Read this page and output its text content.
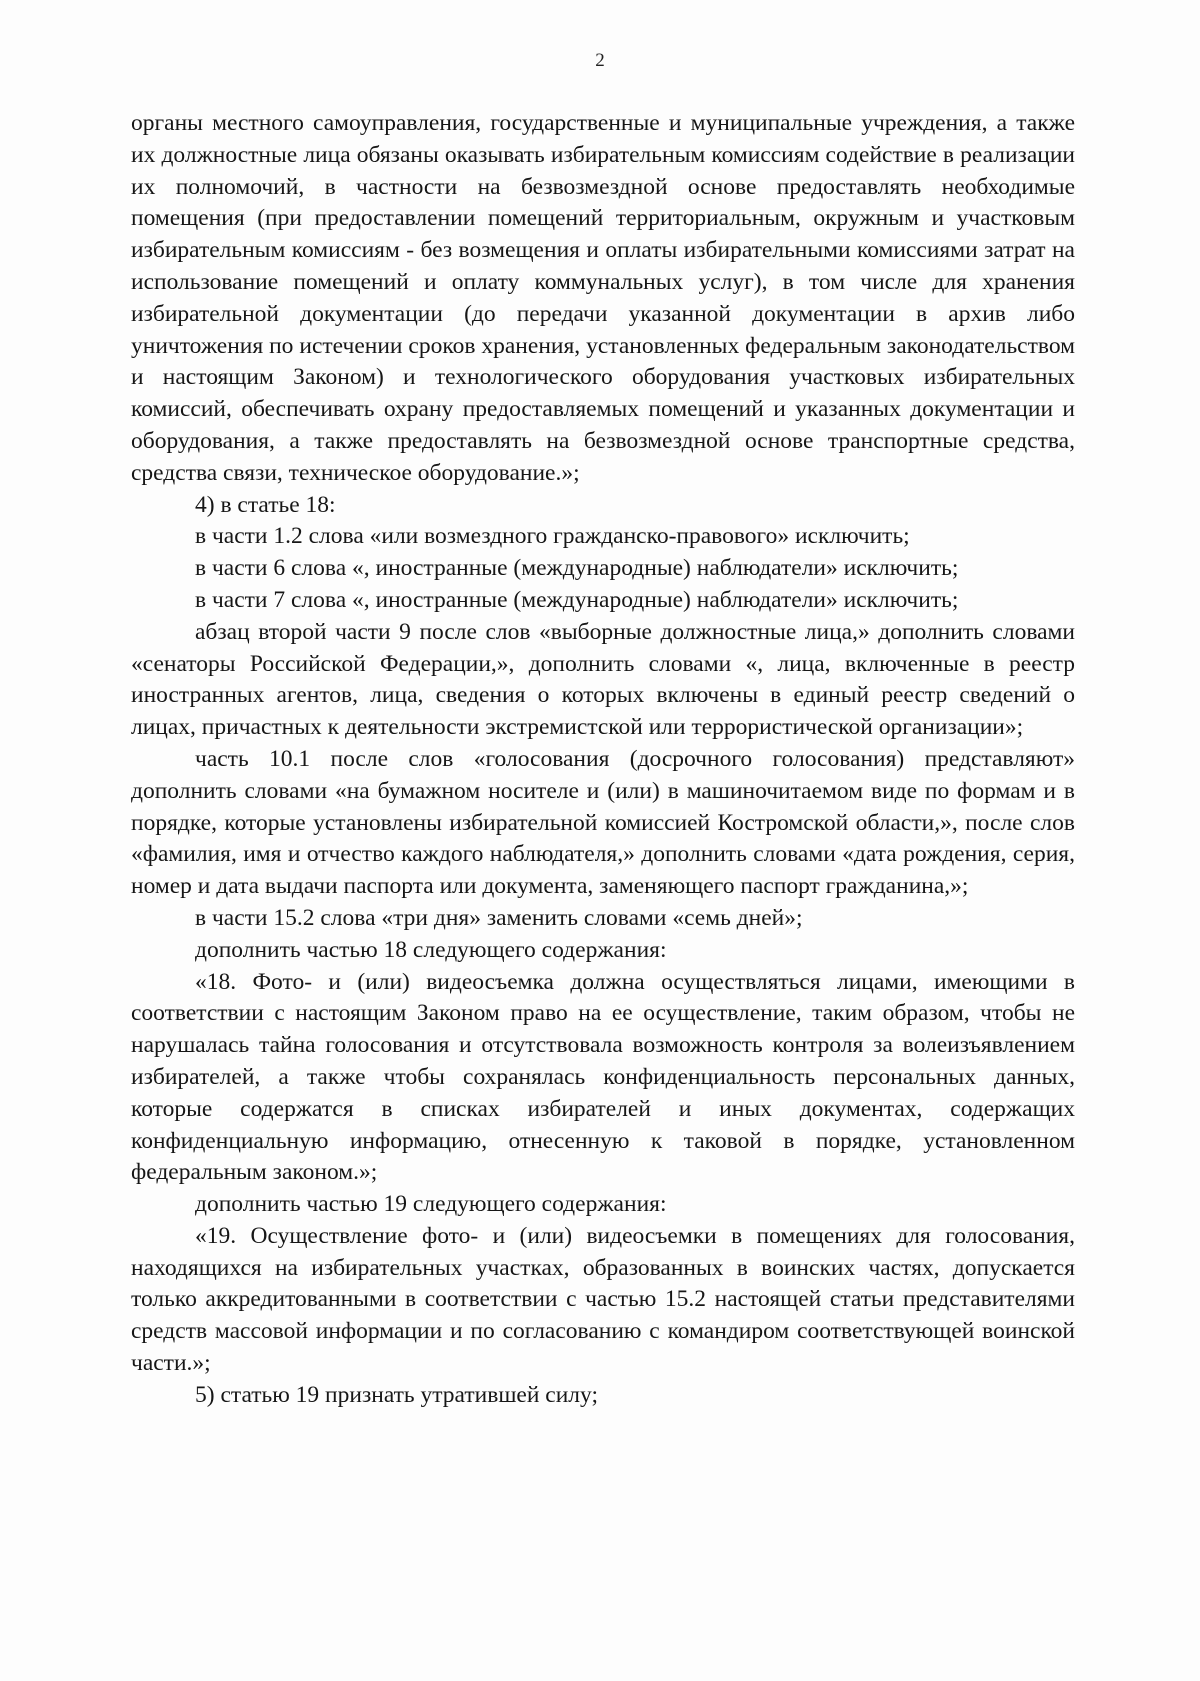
2

органы местного самоуправления, государственные и муниципальные учреждения, а также их должностные лица обязаны оказывать избирательным комиссиям содействие в реализации их полномочий, в частности на безвозмездной основе предоставлять необходимые помещения (при предоставлении помещений территориальным, окружным и участковым избирательным комиссиям - без возмещения и оплаты избирательными комиссиями затрат на использование помещений и оплату коммунальных услуг), в том числе для хранения избирательной документации (до передачи указанной документации в архив либо уничтожения по истечении сроков хранения, установленных федеральным законодательством и настоящим Законом) и технологического оборудования участковых избирательных комиссий, обеспечивать охрану предоставляемых помещений и указанных документации и оборудования, а также предоставлять на безвозмездной основе транспортные средства, средства связи, техническое оборудование.»;

4) в статье 18:

в части 1.2 слова «или возмездного гражданско-правового» исключить;

в части 6 слова «, иностранные (международные) наблюдатели» исключить;

в части 7 слова «, иностранные (международные) наблюдатели» исключить;

абзац второй части 9 после слов «выборные должностные лица,» дополнить словами «сенаторы Российской Федерации,», дополнить словами «, лица, включенные в реестр иностранных агентов, лица, сведения о которых включены в единый реестр сведений о лицах, причастных к деятельности экстремистской или террористической организации»;

часть 10.1 после слов «голосования (досрочного голосования) представляют» дополнить словами «на бумажном носителе и (или) в машиночитаемом виде по формам и в порядке, которые установлены избирательной комиссией Костромской области,», после слов «фамилия, имя и отчество каждого наблюдателя,» дополнить словами «дата рождения, серия, номер и дата выдачи паспорта или документа, заменяющего паспорт гражданина,»;

в части 15.2 слова «три дня» заменить словами «семь дней»;

дополнить частью 18 следующего содержания:

«18. Фото- и (или) видеосъемка должна осуществляться лицами, имеющими в соответствии с настоящим Законом право на ее осуществление, таким образом, чтобы не нарушалась тайна голосования и отсутствовала возможность контроля за волеизъявлением избирателей, а также чтобы сохранялась конфиденциальность персональных данных, которые содержатся в списках избирателей и иных документах, содержащих конфиденциальную информацию, отнесенную к таковой в порядке, установленном федеральным законом.»;

дополнить частью 19 следующего содержания:

«19. Осуществление фото- и (или) видеосъемки в помещениях для голосования, находящихся на избирательных участках, образованных в воинских частях, допускается только аккредитованными в соответствии с частью 15.2 настоящей статьи представителями средств массовой информации и по согласованию с командиром соответствующей воинской части.»;

5) статью 19 признать утратившей силу;
